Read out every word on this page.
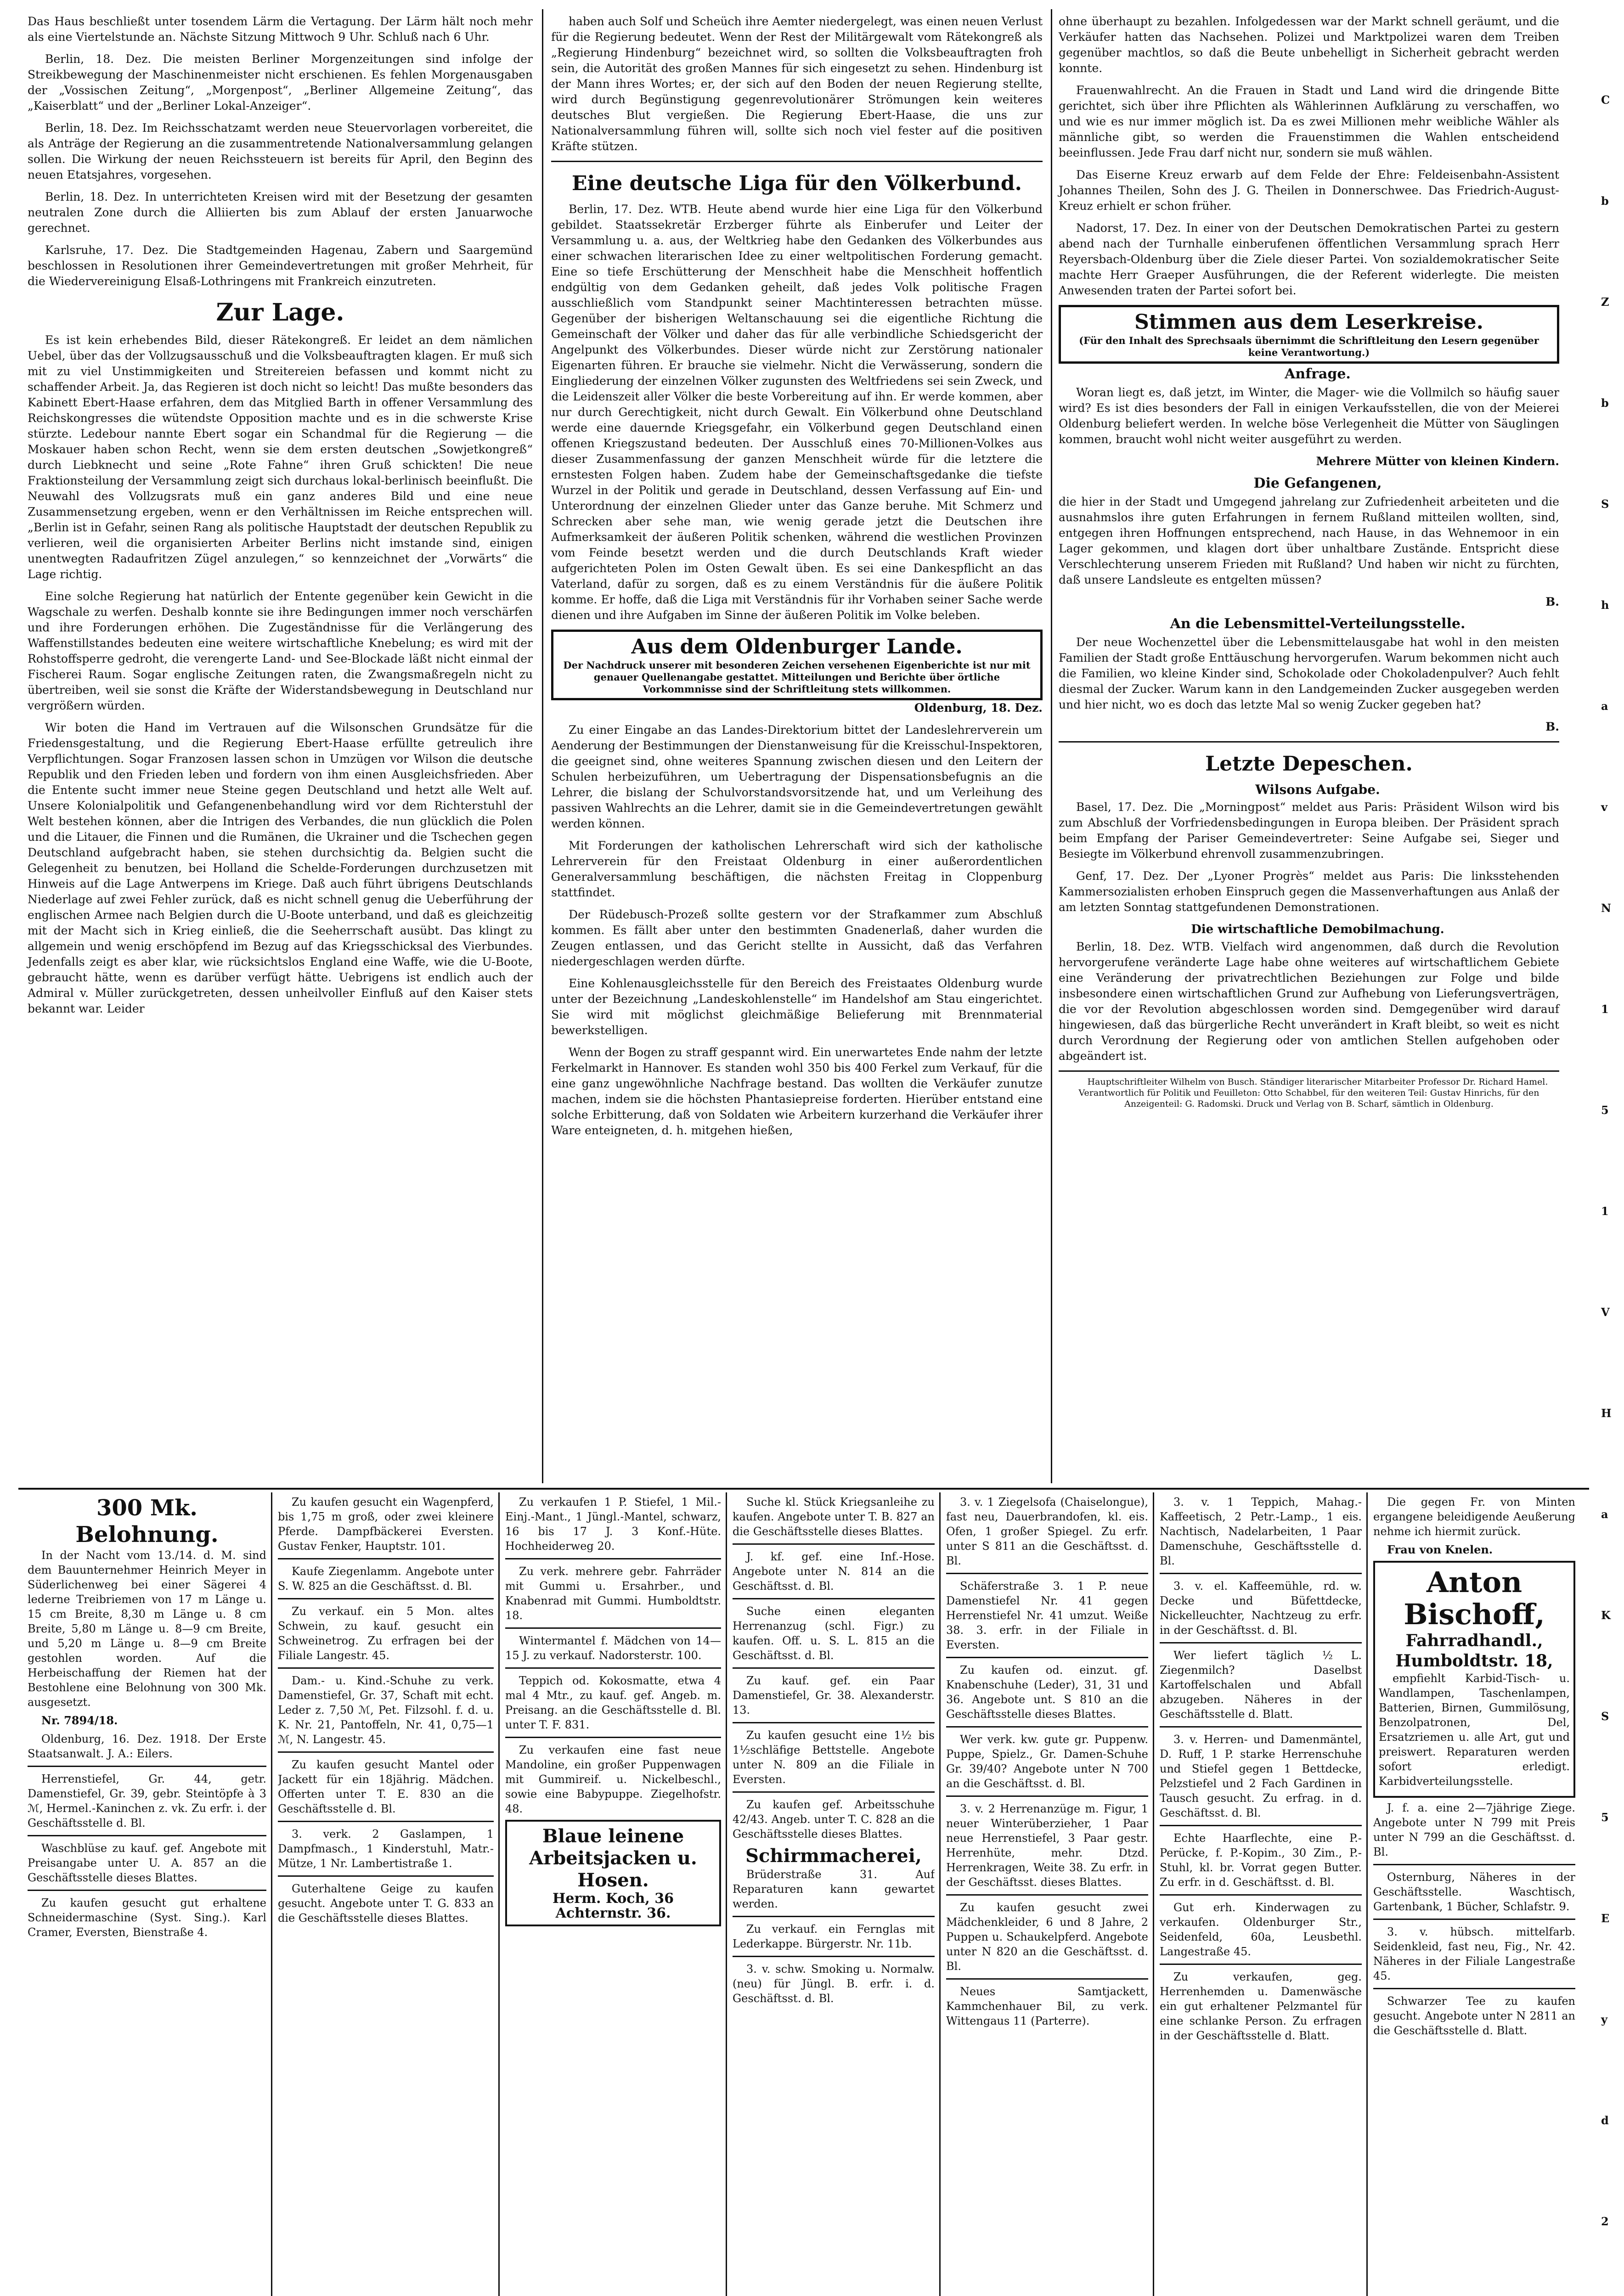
Das Haus beschließt unter tosendem Lärm die Vertagung. Der Lärm hält noch mehr als eine Viertelstunde an. Nächste Sitzung Mittwoch 9 Uhr. Schluß nach 6 Uhr.

Berlin, 18. Dez. Die meisten Berliner Morgenzeitungen sind infolge der Streikbewegung der Maschinenmeister nicht erschienen. Es fehlen Morgenausgaben der „Vossischen Zeitung“, „Morgenpost“, „Berliner Allgemeine Zeitung“, das „Kaiserblatt“ und der „Berliner Lokal-Anzeiger“.

Berlin, 18. Dez. Im Reichsschatzamt werden neue Steuervorlagen vorbereitet, die als Anträge der Regierung an die zusammentretende Nationalversammlung gelangen sollen. Die Wirkung der neuen Reichssteuern ist bereits für April, den Beginn des neuen Etatsjahres, vorgesehen.

Berlin, 18. Dez. In unterrichteten Kreisen wird mit der Besetzung der gesamten neutralen Zone durch die Alliierten bis zum Ablauf der ersten Januarwoche gerechnet.

Karlsruhe, 17. Dez. Die Stadtgemeinden Hagenau, Zabern und Saargemünd beschlossen in Resolutionen ihrer Gemeindevertretungen mit großer Mehrheit, für die Wiedervereinigung Elsaß-Lothringens mit Frankreich einzutreten.

Zur Lage.

Es ist kein erhebendes Bild, dieser Rätekongreß. Er leidet an dem nämlichen Uebel, über das der Vollzugsausschuß und die Volksbeauftragten klagen. Er muß sich mit zu viel Unstimmigkeiten und Streitereien befassen und kommt nicht zu schaffender Arbeit. Ja, das Regieren ist doch nicht so leicht! Das mußte besonders das Kabinett Ebert-Haase erfahren, dem das Mitglied Barth in offener Versammlung des Reichskongresses die wütendste Opposition machte und es in die schwerste Krise stürzte. Ledebour nannte Ebert sogar ein Schandmal für die Regierung — die Moskauer haben schon Recht, wenn sie dem ersten deutschen „Sowjetkongreß“ durch Liebknecht und seine „Rote Fahne“ ihren Gruß schickten! Die neue Fraktionsteilung der Versammlung zeigt sich durchaus lokal-berlinisch beeinflußt. Die Neuwahl des Vollzugsrats muß ein ganz anderes Bild und eine neue Zusammensetzung ergeben, wenn er den Verhältnissen im Reiche entsprechen will. „Berlin ist in Gefahr, seinen Rang als politische Hauptstadt der deutschen Republik zu verlieren, weil die organisierten Arbeiter Berlins nicht imstande sind, einigen unentwegten Radaufritzen Zügel anzulegen,“ so kennzeichnet der „Vorwärts“ die Lage richtig.

Eine solche Regierung hat natürlich der Entente gegenüber kein Gewicht in die Wagschale zu werfen. Deshalb konnte sie ihre Bedingungen immer noch verschärfen und ihre Forderungen erhöhen. Die Zugeständnisse für die Verlängerung des Waffenstillstandes bedeuten eine weitere wirtschaftliche Knebelung; es wird mit der Rohstoffsperre gedroht, die verengerte Land- und See-Blockade läßt nicht einmal der Fischerei Raum. Sogar englische Zeitungen raten, die Zwangsmaßregeln nicht zu übertreiben, weil sie sonst die Kräfte der Widerstandsbewegung in Deutschland nur vergrößern würden.

Wir boten die Hand im Vertrauen auf die Wilsonschen Grundsätze für die Friedensgestaltung, und die Regierung Ebert-Haase erfüllte getreulich ihre Verpflichtungen. Sogar Franzosen lassen schon in Umzügen vor Wilson die deutsche Republik und den Frieden leben und fordern von ihm einen Ausgleichsfrieden. Aber die Entente sucht immer neue Steine gegen Deutschland und hetzt alle Welt auf. Unsere Kolonialpolitik und Gefangenenbehandlung wird vor dem Richterstuhl der Welt bestehen können, aber die Intrigen des Verbandes, die nun glücklich die Polen und die Litauer, die Finnen und die Rumänen, die Ukrainer und die Tschechen gegen Deutschland aufgebracht haben, sie stehen durchsichtig da. Belgien sucht die Gelegenheit zu benutzen, bei Holland die Schelde-Forderungen durchzusetzen mit Hinweis auf die Lage Antwerpens im Kriege. Daß auch führt übrigens Deutschlands Niederlage auf zwei Fehler zurück, daß es nicht schnell genug die Ueberführung der englischen Armee nach Belgien durch die U-Boote unterband, und daß es gleichzeitig mit der Macht sich in Krieg einließ, die die Seeherrschaft ausübt. Das klingt zu allgemein und wenig erschöpfend im Bezug auf das Kriegsschicksal des Vierbundes. Jedenfalls zeigt es aber klar, wie rücksichtslos England eine Waffe, wie die U-Boote, gebraucht hätte, wenn es darüber verfügt hätte. Uebrigens ist endlich auch der Admiral v. Müller zurückgetreten, dessen unheilvoller Einfluß auf den Kaiser stets bekannt war. Leider

haben auch Solf und Scheüch ihre Aemter niedergelegt, was einen neuen Verlust für die Regierung bedeutet. Wenn der Rest der Militärgewalt vom Rätekongreß als „Regierung Hindenburg“ bezeichnet wird, so sollten die Volksbeauftragten froh sein, die Autorität des großen Mannes für sich eingesetzt zu sehen. Hindenburg ist der Mann ihres Wortes; er, der sich auf den Boden der neuen Regierung stellte, wird durch Begünstigung gegenrevolutionärer Strömungen kein weiteres deutsches Blut vergießen. Die Regierung Ebert-Haase, die uns zur Nationalversammlung führen will, sollte sich noch viel fester auf die positiven Kräfte stützen.

Eine deutsche Liga für den Völkerbund.

Berlin, 17. Dez. WTB. Heute abend wurde hier eine Liga für den Völkerbund gebildet. Staatssekretär Erzberger führte als Einberufer und Leiter der Versammlung u. a. aus, der Weltkrieg habe den Gedanken des Völkerbundes aus einer schwachen literarischen Idee zu einer weltpolitischen Forderung gemacht. Eine so tiefe Erschütterung der Menschheit habe die Menschheit hoffentlich endgültig von dem Gedanken geheilt, daß jedes Volk politische Fragen ausschließlich vom Standpunkt seiner Machtinteressen betrachten müsse. Gegenüber der bisherigen Weltanschauung sei die eigentliche Richtung die Gemeinschaft der Völker und daher das für alle verbindliche Schiedsgericht der Angelpunkt des Völkerbundes. Dieser würde nicht zur Zerstörung nationaler Eigenarten führen. Er brauche sie vielmehr. Nicht die Verwässerung, sondern die Eingliederung der einzelnen Völker zugunsten des Weltfriedens sei sein Zweck, und die Leidenszeit aller Völker die beste Vorbereitung auf ihn. Er werde kommen, aber nur durch Gerechtigkeit, nicht durch Gewalt. Ein Völkerbund ohne Deutschland werde eine dauernde Kriegsgefahr, ein Völkerbund gegen Deutschland einen offenen Kriegszustand bedeuten. Der Ausschluß eines 70-Millionen-Volkes aus dieser Zusammenfassung der ganzen Menschheit würde für die letztere die ernstesten Folgen haben. Zudem habe der Gemeinschaftsgedanke die tiefste Wurzel in der Politik und gerade in Deutschland, dessen Verfassung auf Ein- und Unterordnung der einzelnen Glieder unter das Ganze beruhe. Mit Schmerz und Schrecken aber sehe man, wie wenig gerade jetzt die Deutschen ihre Aufmerksamkeit der äußeren Politik schenken, während die westlichen Provinzen vom Feinde besetzt werden und die durch Deutschlands Kraft wieder aufgerichteten Polen im Osten Gewalt üben. Es sei eine Dankespflicht an das Vaterland, dafür zu sorgen, daß es zu einem Verständnis für die äußere Politik komme. Er hoffe, daß die Liga mit Verständnis für ihr Vorhaben seiner Sache werde dienen und ihre Aufgaben im Sinne der äußeren Politik im Volke beleben.

Aus dem Oldenburger Lande.
Der Nachdruck unserer mit besonderen Zeichen versehenen Eigenberichte ist nur mit genauer Quellenangabe gestattet. Mitteilungen und Berichte über örtliche Vorkommnisse sind der Schriftleitung stets willkommen.

Oldenburg, 18. Dez.

Zu einer Eingabe an das Landes-Direktorium bittet der Landeslehrerverein um Aenderung der Bestimmungen der Dienstanweisung für die Kreisschul-Inspektoren, die geeignet sind, ohne weiteres Spannung zwischen diesen und den Leitern der Schulen herbeizuführen, um Uebertragung der Dispensationsbefugnis an die Lehrer, die bislang der Schulvorstandsvorsitzende hat, und um Verleihung des passiven Wahlrechts an die Lehrer, damit sie in die Gemeindevertretungen gewählt werden können.

Mit Forderungen der katholischen Lehrerschaft wird sich der katholische Lehrerverein für den Freistaat Oldenburg in einer außerordentlichen Generalversammlung beschäftigen, die nächsten Freitag in Cloppenburg stattfindet.

Der Rüdebusch-Prozeß sollte gestern vor der Strafkammer zum Abschluß kommen. Es fällt aber unter den bestimmten Gnadenerlaß, daher wurden die Zeugen entlassen, und das Gericht stellte in Aussicht, daß das Verfahren niedergeschlagen werden dürfte.

Eine Kohlenausgleichsstelle für den Bereich des Freistaates Oldenburg wurde unter der Bezeichnung „Landeskohlenstelle“ im Handelshof am Stau eingerichtet. Sie wird mit möglichst gleichmäßige Belieferung mit Brennmaterial bewerkstelligen.

Wenn der Bogen zu straff gespannt wird. Ein unerwartetes Ende nahm der letzte Ferkelmarkt in Hannover. Es standen wohl 350 bis 400 Ferkel zum Verkauf, für die eine ganz ungewöhnliche Nachfrage bestand. Das wollten die Verkäufer zunutze machen, indem sie die höchsten Phantasiepreise forderten. Hierüber entstand eine solche Erbitterung, daß von Soldaten wie Arbeitern kurzerhand die Verkäufer ihrer Ware enteigneten, d. h. mitgehen hießen,

ohne überhaupt zu bezahlen. Infolgedessen war der Markt schnell geräumt, und die Verkäufer hatten das Nachsehen. Polizei und Marktpolizei waren dem Treiben gegenüber machtlos, so daß die Beute unbehelligt in Sicherheit gebracht werden konnte.

Frauenwahlrecht. An die Frauen in Stadt und Land wird die dringende Bitte gerichtet, sich über ihre Pflichten als Wählerinnen Aufklärung zu verschaffen, wo und wie es nur immer möglich ist. Da es zwei Millionen mehr weibliche Wähler als männliche gibt, so werden die Frauenstimmen die Wahlen entscheidend beeinflussen. Jede Frau darf nicht nur, sondern sie muß wählen.

Das Eiserne Kreuz erwarb auf dem Felde der Ehre: Feldeisenbahn-Assistent Johannes Theilen, Sohn des J. G. Theilen in Donnerschwee. Das Friedrich-August-Kreuz erhielt er schon früher.

Nadorst, 17. Dez. In einer von der Deutschen Demokratischen Partei zu gestern abend nach der Turnhalle einberufenen öffentlichen Versammlung sprach Herr Reyersbach-Oldenburg über die Ziele dieser Partei. Von sozialdemokratischer Seite machte Herr Graeper Ausführungen, die der Referent widerlegte. Die meisten Anwesenden traten der Partei sofort bei.

Stimmen aus dem Leserkreise.
(Für den Inhalt des Sprechsaals übernimmt die Schriftleitung den Lesern gegenüber keine Verantwortung.)

Anfrage.

Woran liegt es, daß jetzt, im Winter, die Mager- wie die Vollmilch so häufig sauer wird? Es ist dies besonders der Fall in einigen Verkaufsstellen, die von der Meierei Oldenburg beliefert werden. In welche böse Verlegenheit die Mütter von Säuglingen kommen, braucht wohl nicht weiter ausgeführt zu werden.

Mehrere Mütter von kleinen Kindern.

Die Gefangenen,

die hier in der Stadt und Umgegend jahrelang zur Zufriedenheit arbeiteten und die ausnahmslos ihre guten Erfahrungen in fernem Rußland mitteilen wollten, sind, entgegen ihren Hoffnungen entsprechend, nach Hause, in das Wehnemoor in ein Lager gekommen, und klagen dort über unhaltbare Zustände. Entspricht diese Verschlechterung unserem Frieden mit Rußland? Und haben wir nicht zu fürchten, daß unsere Landsleute es entgelten müssen?

B.

An die Lebensmittel-Verteilungsstelle.

Der neue Wochenzettel über die Lebensmittelausgabe hat wohl in den meisten Familien der Stadt große Enttäuschung hervorgerufen. Warum bekommen nicht auch die Familien, wo kleine Kinder sind, Schokolade oder Chokoladenpulver? Auch fehlt diesmal der Zucker. Warum kann in den Landgemeinden Zucker ausgegeben werden und hier nicht, wo es doch das letzte Mal so wenig Zucker gegeben hat?

B.

Letzte Depeschen.

Wilsons Aufgabe.

Basel, 17. Dez. Die „Morningpost“ meldet aus Paris: Präsident Wilson wird bis zum Abschluß der Vorfriedensbedingungen in Europa bleiben. Der Präsident sprach beim Empfang der Pariser Gemeindevertreter: Seine Aufgabe sei, Sieger und Besiegte im Völkerbund ehrenvoll zusammenzubringen.

Genf, 17. Dez. Der „Lyoner Progrès“ meldet aus Paris: Die linksstehenden Kammersozialisten erhoben Einspruch gegen die Massenverhaftungen aus Anlaß der am letzten Sonntag stattgefundenen Demonstrationen.

Die wirtschaftliche Demobilmachung.

Berlin, 18. Dez. WTB. Vielfach wird angenommen, daß durch die Revolution hervorgerufene veränderte Lage habe ohne weiteres auf wirtschaftlichem Gebiete eine Veränderung der privatrechtlichen Beziehungen zur Folge und bilde insbesondere einen wirtschaftlichen Grund zur Aufhebung von Lieferungsverträgen, die vor der Revolution abgeschlossen worden sind. Demgegenüber wird darauf hingewiesen, daß das bürgerliche Recht unverändert in Kraft bleibt, so weit es nicht durch Verordnung der Regierung oder von amtlichen Stellen aufgehoben oder abgeändert ist.

Hauptschriftleiter Wilhelm von Busch. Ständiger literarischer Mitarbeiter Professor Dr. Richard Hamel. Verantwortlich für Politik und Feuilleton: Otto Schabbel, für den weiteren Teil: Gustav Hinrichs, für den Anzeigenteil: G. Radomski. Druck und Verlag von B. Scharf, sämtlich in Oldenburg.

C
b
Z
b
S
h
a
v
N
1
5
1
V
H
a
K
S
5
E
y
d
2
300 Mk. Belohnung.

In der Nacht vom 13./14. d. M. sind dem Bauunternehmer Heinrich Meyer in Süderlichenweg bei einer Sägerei 4 lederne Treibriemen von 17 m Länge u. 15 cm Breite, 8,30 m Länge u. 8 cm Breite, 5,80 m Länge u. 8—9 cm Breite, und 5,20 m Länge u. 8—9 cm Breite gestohlen worden. Auf die Herbeischaffung der Riemen hat der Bestohlene eine Belohnung von 300 Mk. ausgesetzt.

Nr. 7894/18.

Oldenburg, 16. Dez. 1918. Der Erste Staatsanwalt. J. A.: Eilers.

Herrenstiefel, Gr. 44, getr. Damenstiefel, Gr. 39, gebr. Steintöpfe à 3 ℳ, Hermel.-Kaninchen z. vk. Zu erfr. i. der Geschäftsstelle d. Bl.

Waschblüse zu kauf. gef. Angebote mit Preisangabe unter U. A. 857 an die Geschäftsstelle dieses Blattes.

Zu kaufen gesucht gut erhaltene Schneidermaschine (Syst. Sing.). Karl Cramer, Eversten, Bienstraße 4.

Zu kaufen gesucht ein Wagenpferd, bis 1,75 m groß, oder zwei kleinere Pferde. Dampfbäckerei Eversten. Gustav Fenker, Hauptstr. 101.

Kaufe Ziegenlamm. Angebote unter S. W. 825 an die Geschäftsst. d. Bl.

Zu verkauf. ein 5 Mon. altes Schwein, zu kauf. gesucht ein Schweinetrog. Zu erfragen bei der Filiale Langestr. 45.

Dam.- u. Kind.-Schuhe zu verk. Damenstiefel, Gr. 37, Schaft mit echt. Leder z. 7,50 ℳ, Pet. Filzsohl. f. d. u. K. Nr. 21, Pantoffeln, Nr. 41, 0,75—1 ℳ, N. Langestr. 45.

Zu kaufen gesucht Mantel oder Jackett für ein 18jährig. Mädchen. Offerten unter T. E. 830 an die Geschäftsstelle d. Bl.

3. verk. 2 Gaslampen, 1 Dampfmasch., 1 Kinderstuhl, Matr.-Mütze, 1 Nr. Lambertistraße 1.

Guterhaltene Geige zu kaufen gesucht. Angebote unter T. G. 833 an die Geschäftsstelle dieses Blattes.

Zu verkaufen 1 P. Stiefel, 1 Mil.-Einj.-Mant., 1 Jüngl.-Mantel, schwarz, 16 bis 17 J. 3 Konf.-Hüte. Hochheiderweg 20.

Zu verk. mehrere gebr. Fahrräder mit Gummi u. Ersahrber., und Knabenrad mit Gummi. Humboldtstr. 18.

Wintermantel f. Mädchen von 14—15 J. zu verkauf. Nadorsterstr. 100.

Teppich od. Kokosmatte, etwa 4 mal 4 Mtr., zu kauf. gef. Angeb. m. Preisang. an die Geschäftsstelle d. Bl. unter T. F. 831.

Zu verkaufen eine fast neue Mandoline, ein großer Puppenwagen mit Gummireif. u. Nickelbeschl., sowie eine Babypuppe. Ziegelhofstr. 48.

Blaue leinene Arbeitsjacken u. Hosen.
Herm. Koch, 36 Achternstr. 36.

Suche kl. Stück Kriegsanleihe zu kaufen. Angebote unter T. B. 827 an die Geschäftsstelle dieses Blattes.

J. kf. gef. eine Inf.-Hose. Angebote unter N. 814 an die Geschäftsst. d. Bl.

Suche einen eleganten Herrenanzug (schl. Figr.) zu kaufen. Off. u. S. L. 815 an die Geschäftsst. d. Bl.

Zu kauf. gef. ein Paar Damenstiefel, Gr. 38. Alexanderstr. 13.

Zu kaufen gesucht eine 1½ bis 1½schläfige Bettstelle. Angebote unter N. 809 an die Filiale in Eversten.

Zu kaufen gef. Arbeitsschuhe 42/43. Angeb. unter T. C. 828 an die Geschäftsstelle dieses Blattes.

Schirmmacherei,

Brüderstraße 31. Auf Reparaturen kann gewartet werden.

Zu verkauf. ein Fernglas mit Lederkappe. Bürgerstr. Nr. 11b.

3. v. schw. Smoking u. Normalw. (neu) für Jüngl. B. erfr. i. d. Geschäftsst. d. Bl.

3. v. 1 Ziegelsofa (Chaiselongue), fast neu, Dauerbrandofen, kl. eis. Ofen, 1 großer Spiegel. Zu erfr. unter S 811 an die Geschäftsst. d. Bl.

Schäferstraße 3. 1 P. neue Damenstiefel Nr. 41 gegen Herrenstiefel Nr. 41 umzut. Weiße 38. 3. erfr. in der Filiale in Eversten.

Zu kaufen od. einzut. gf. Knabenschuhe (Leder), 31, 31 und 36. Angebote unt. S 810 an die Geschäftsstelle dieses Blattes.

Wer verk. kw. gute gr. Puppenw. Puppe, Spielz., Gr. Damen-Schuhe Gr. 39/40? Angebote unter N 700 an die Geschäftsst. d. Bl.

3. v. 2 Herrenanzüge m. Figur, 1 neuer Winterüberzieher, 1 Paar neue Herrenstiefel, 3 Paar gestr. Herrenhüte, mehr. Dtzd. Herrenkragen, Weite 38. Zu erfr. in der Geschäftsst. dieses Blattes.

Zu kaufen gesucht zwei Mädchenkleider, 6 und 8 Jahre, 2 Puppen u. Schaukelpferd. Angebote unter N 820 an die Geschäftsst. d. Bl.

Neues Samtjackett, Kammchenhauer Bil, zu verk. Wittengaus 11 (Parterre).

3. v. 1 Teppich, Mahag.-Kaffeetisch, 2 Petr.-Lamp., 1 eis. Nachtisch, Nadelarbeiten, 1 Paar Damenschuhe, Geschäftsstelle d. Bl.

3. v. el. Kaffeemühle, rd. w. Decke und Büfettdecke, Nickelleuchter, Nachtzeug zu erfr. in der Geschäftsst. d. Bl.

Wer liefert täglich ½ L. Ziegenmilch? Daselbst Kartoffelschalen und Abfall abzugeben. Näheres in der Geschäftsstelle d. Blatt.

3. v. Herren- und Damenmäntel, D. Ruff, 1 P. starke Herrenschuhe und Stiefel gegen 1 Bettdecke, Pelzstiefel und 2 Fach Gardinen in Tausch gesucht. Zu erfrag. in d. Geschäftsst. d. Bl.

Echte Haarflechte, eine P.-Perücke, f. P.-Kopim., 30 Zim., P.-Stuhl, kl. br. Vorrat gegen Butter. Zu erfr. in d. Geschäftsst. d. Bl.

Gut erh. Kinderwagen zu verkaufen. Oldenburger Str., Seidenfeld, 60a, Leusbethl. Langestraße 45.

Zu verkaufen, geg. Herrenhemden u. Damenwäsche ein gut erhaltener Pelzmantel für eine schlanke Person. Zu erfragen in der Geschäftsstelle d. Blatt.

Die gegen Fr. von Minten ergangene beleidigende Aeußerung nehme ich hiermit zurück.

Frau von Knelen.

Anton Bischoff,
Fahrradhandl., Humboldtstr. 18,

empfiehlt Karbid-Tisch- u. Wandlampen, Taschenlampen, Batterien, Birnen, Gummilösung, Benzolpatronen, Del, Ersatzriemen u. alle Art, gut und preiswert. Reparaturen werden sofort erledigt. Karbidverteilungsstelle.

J. f. a. eine 2—7jährige Ziege. Angebote unter N 799 mit Preis unter N 799 an die Geschäftsst. d. Bl.

Osternburg, Näheres in der Geschäftsstelle. Waschtisch, Gartenbank, 1 Bücher, Schlafstr. 9.

3. v. hübsch. mittelfarb. Seidenkleid, fast neu, Fig., Nr. 42. Näheres in der Filiale Langestraße 45.

Schwarzer Tee zu kaufen gesucht. Angebote unter N 2811 an die Geschäftsstelle d. Blatt.
